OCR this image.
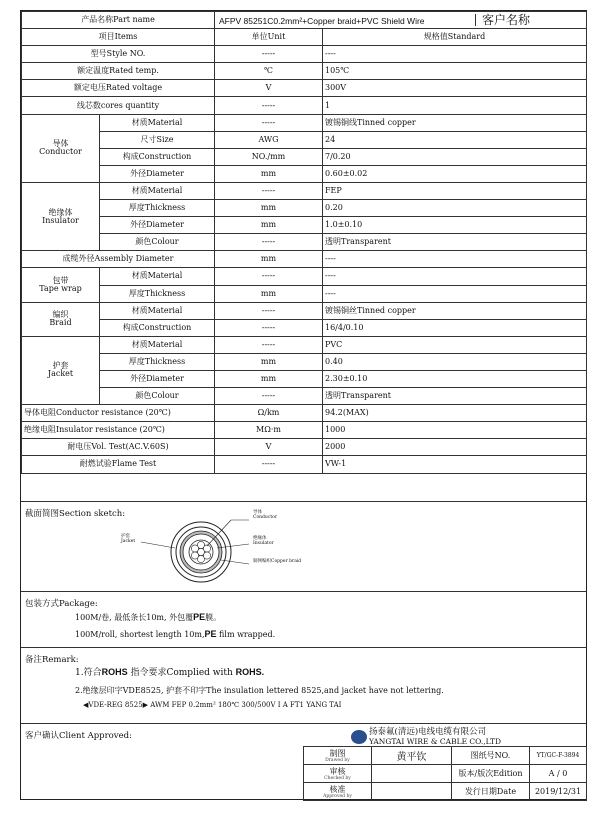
产品名称Part name		AFPV 85251C0.2mm²+Copper braid+PVC Shield Wire 客户名称	
项目Items		单位Unit	规格值Standard
型号Style NO.		-----	----
额定温度Rated temp.		℃	105℃
额定电压Rated voltage		V	300V
线芯数cores quantity		-----	1
导体
Conductor	材质Material	-----	镀锡铜线Tinned copper
	尺寸Size	AWG	24
	构成Construction	NO./mm	7/0.20
	外径Diameter	mm	0.60±0.02
绝缘体
Insulator	材质Material	-----	FEP
	厚度Thickness	mm	0.20
	外径Diameter	mm	1.0±0.10
	颜色Colour	-----	透明Transparent
成缆外径Assembly Diameter		mm	----
包带
Tape wrap	材质Material	-----	----
	厚度Thickness	mm	----
编织
Braid	材质Material	-----	镀锡铜丝Tinned copper
	构成Construction	-----	16/4/0.10
护套
Jacket	材质Material	-----	PVC
	厚度Thickness	mm	0.40
	外径Diameter	mm	2.30±0.10
	颜色Colour	-----	透明Transparent
导体电阻Conductor resistance (20℃)		Ω/km	94.2(MAX)
绝缘电阻Insulator resistance (20℃)		MΩ·m	1000
耐电压Vol. Test(AC.V.60S)		V	2000
耐燃试验Flame Test		-----	VW-1
截面简图Section sketch:	导体
Conductor
绝缘体
Insulator
铜网编织Copper braid
护套
Jacket
包装方式Package:
100M/卷, 最低条长10m, 外包覆PE膜。
100M/roll, shortest length 10m,PE film wrapped.
备注Remark:
1.符合ROHS 指令要求Complied with ROHS.
2.绝缘层印字VDE8525, 护套不印字The insulation lettered 8525,and jacket have not lettering.
◀VDE-REG 8525▶ AWM FEP 0.2mm² 180℃ 300/500V I A FT1 YANG TAI
客户确认Client Approved:	扬泰氟(清远)电线电缆有限公司
YANGTAI WIRE & CABLE CO.,LTD
制图
Drawed by	黄平钦	图纸号NO.	YT/GC-F-3894
审核
Checked by		版本/版次Edition	A / 0
核准
Approved by		发行日期Date	2019/12/31
